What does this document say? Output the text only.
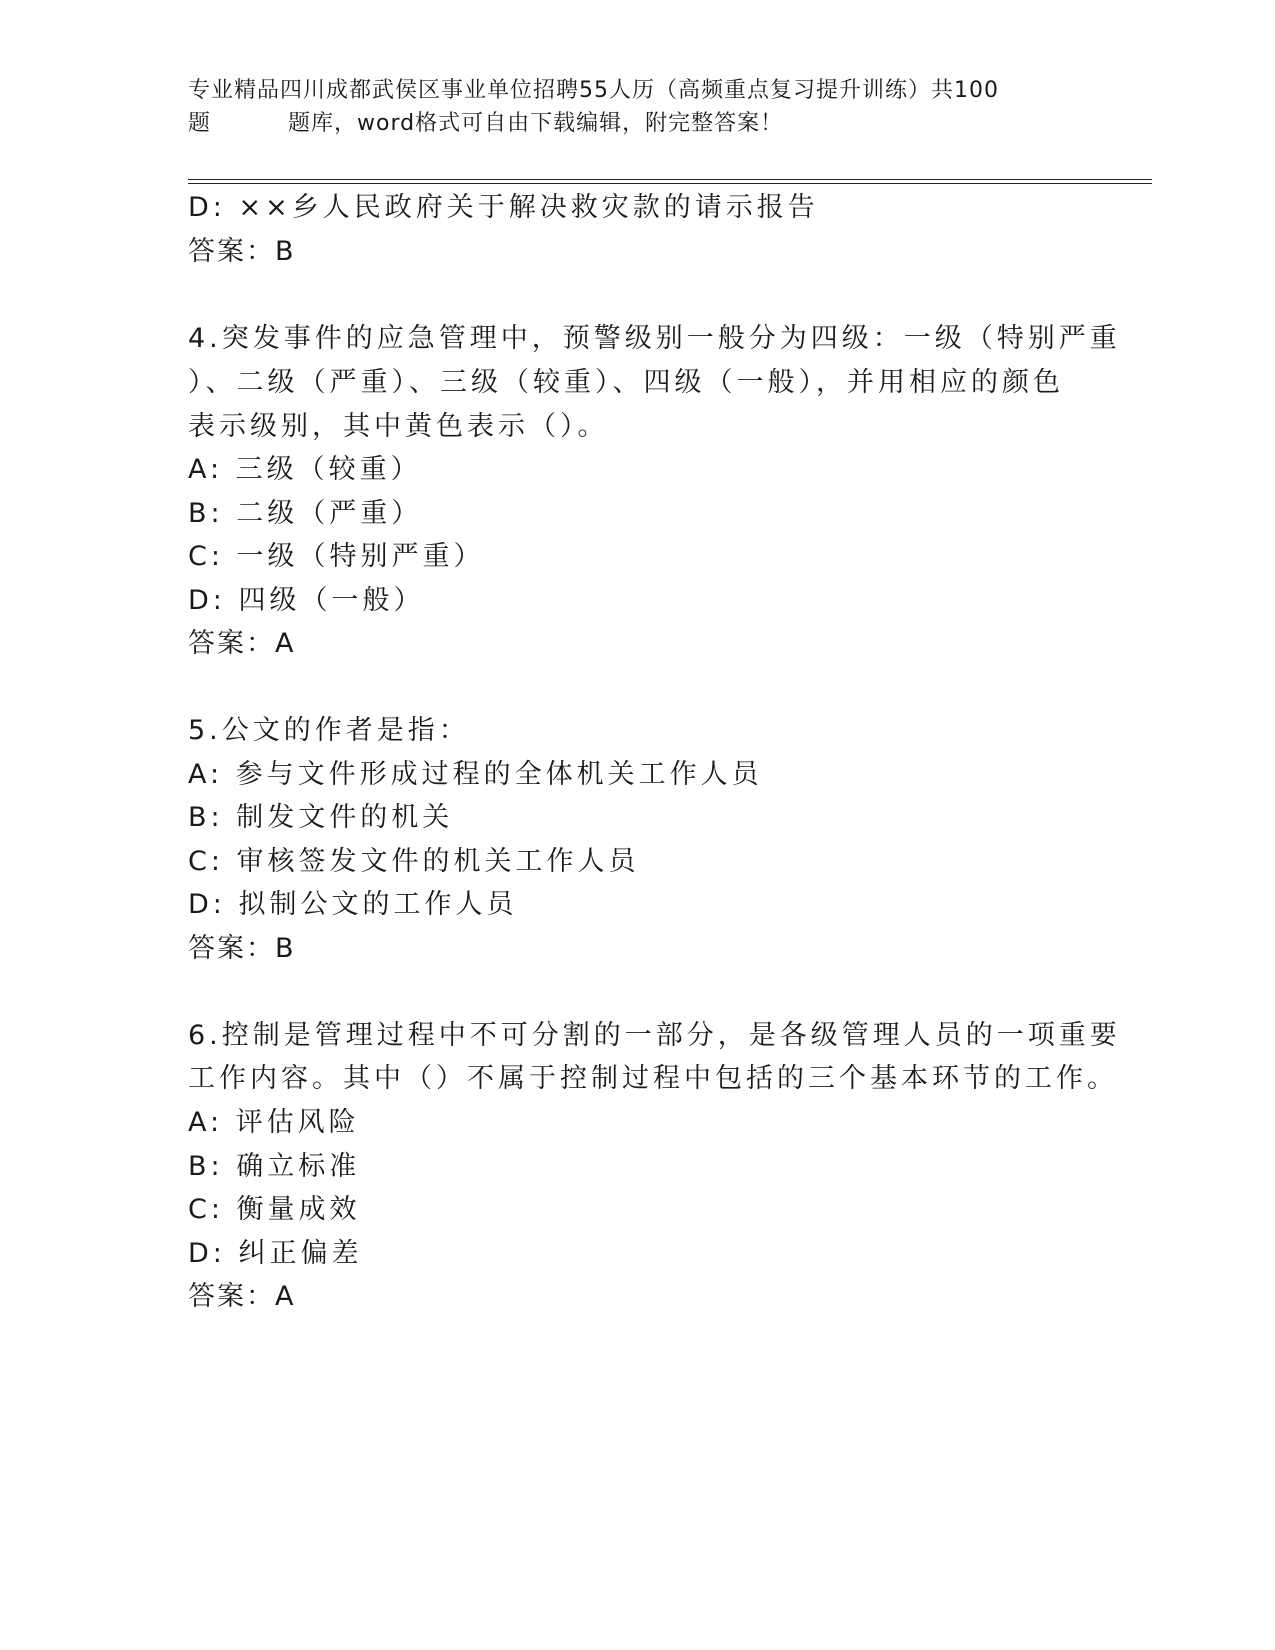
专业精品四川成都武侯区事业单位招聘55人历（高频重点复习提升训练）共100
题	题库，word格式可自由下载编辑，附完整答案！
D: ××乡人民政府关于解决救灾款的请示报告
答案：B
4.突发事件的应急管理中，预警级别一般分为四级：一级（特别严重
）、二级（严重）、三级（较重）、四级（一般），并用相应的颜色
表示级别，其中黄色表示（）。
A: 三级（较重）
B: 二级（严重）
C: 一级（特别严重）
D: 四级（一般）
答案：A
5.公文的作者是指：
A: 参与文件形成过程的全体机关工作人员
B: 制发文件的机关
C: 审核签发文件的机关工作人员
D: 拟制公文的工作人员
答案：B
6.控制是管理过程中不可分割的一部分，是各级管理人员的一项重要
工作内容。其中（）不属于控制过程中包括的三个基本环节的工作。
A: 评估风险
B: 确立标准
C: 衡量成效
D: 纠正偏差
答案：A
